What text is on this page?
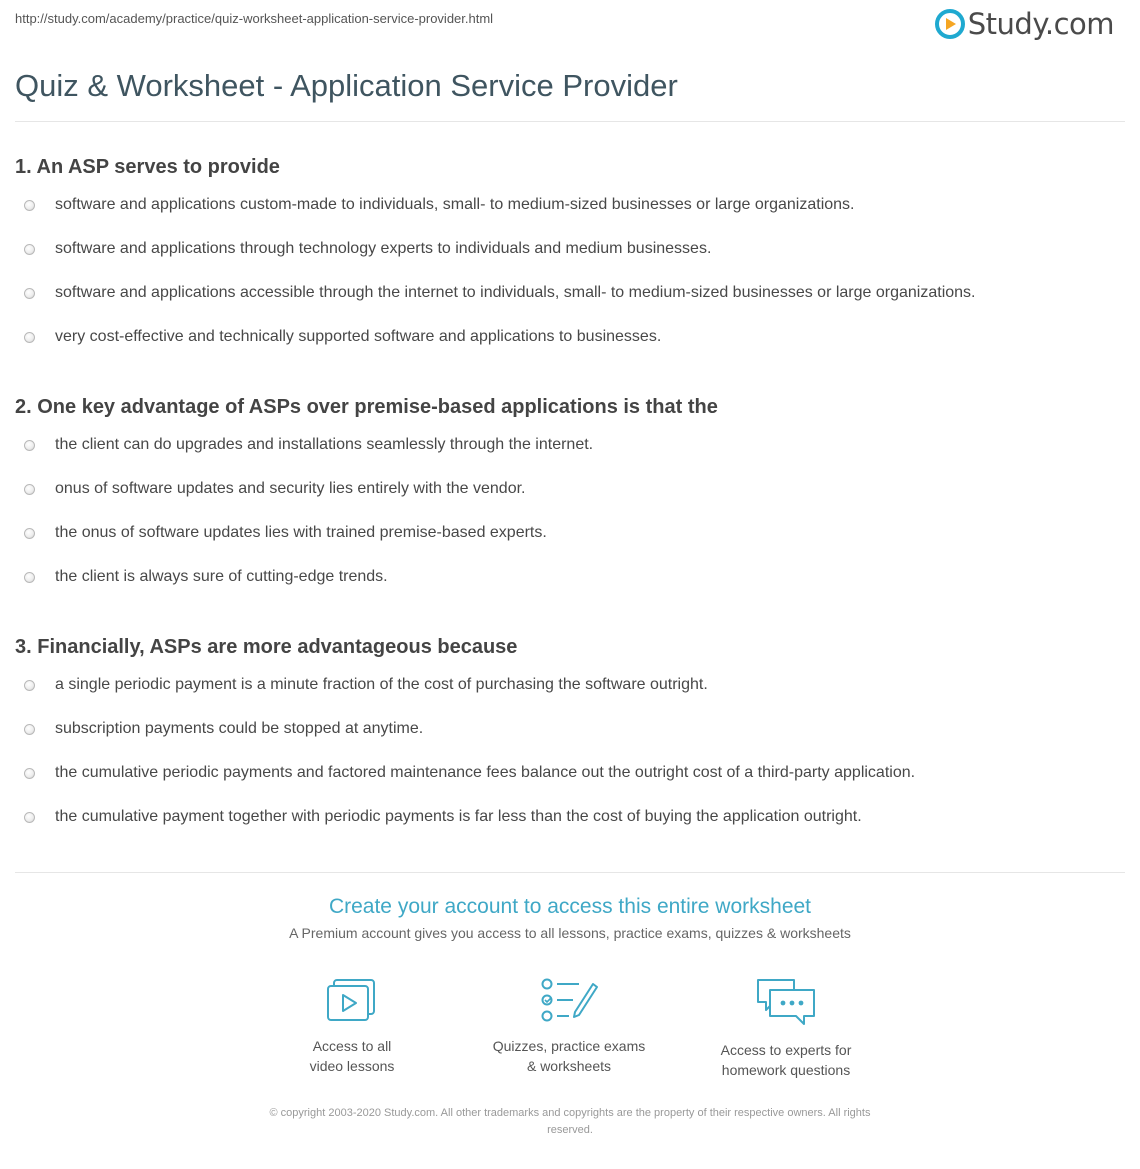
http://study.com/academy/practice/quiz-worksheet-application-service-provider.html	Study.com
Quiz & Worksheet - Application Service Provider
1. An ASP serves to provide
software and applications custom-made to individuals, small- to medium-sized businesses or large organizations.
software and applications through technology experts to individuals and medium businesses.
software and applications accessible through the internet to individuals, small- to medium-sized businesses or large organizations.
very cost-effective and technically supported software and applications to businesses.
2. One key advantage of ASPs over premise-based applications is that the
the client can do upgrades and installations seamlessly through the internet.
onus of software updates and security lies entirely with the vendor.
the onus of software updates lies with trained premise-based experts.
the client is always sure of cutting-edge trends.
3. Financially, ASPs are more advantageous because
a single periodic payment is a minute fraction of the cost of purchasing the software outright.
subscription payments could be stopped at anytime.
the cumulative periodic payments and factored maintenance fees balance out the outright cost of a third-party application.
the cumulative payment together with periodic payments is far less than the cost of buying the application outright.
Create your account to access this entire worksheet
A Premium account gives you access to all lessons, practice exams, quizzes & worksheets
Access to all
video lessons
Quizzes, practice exams
& worksheets
Access to experts for
homework questions
© copyright 2003-2020 Study.com. All other trademarks and copyrights are the property of their respective owners. All rights
reserved.
